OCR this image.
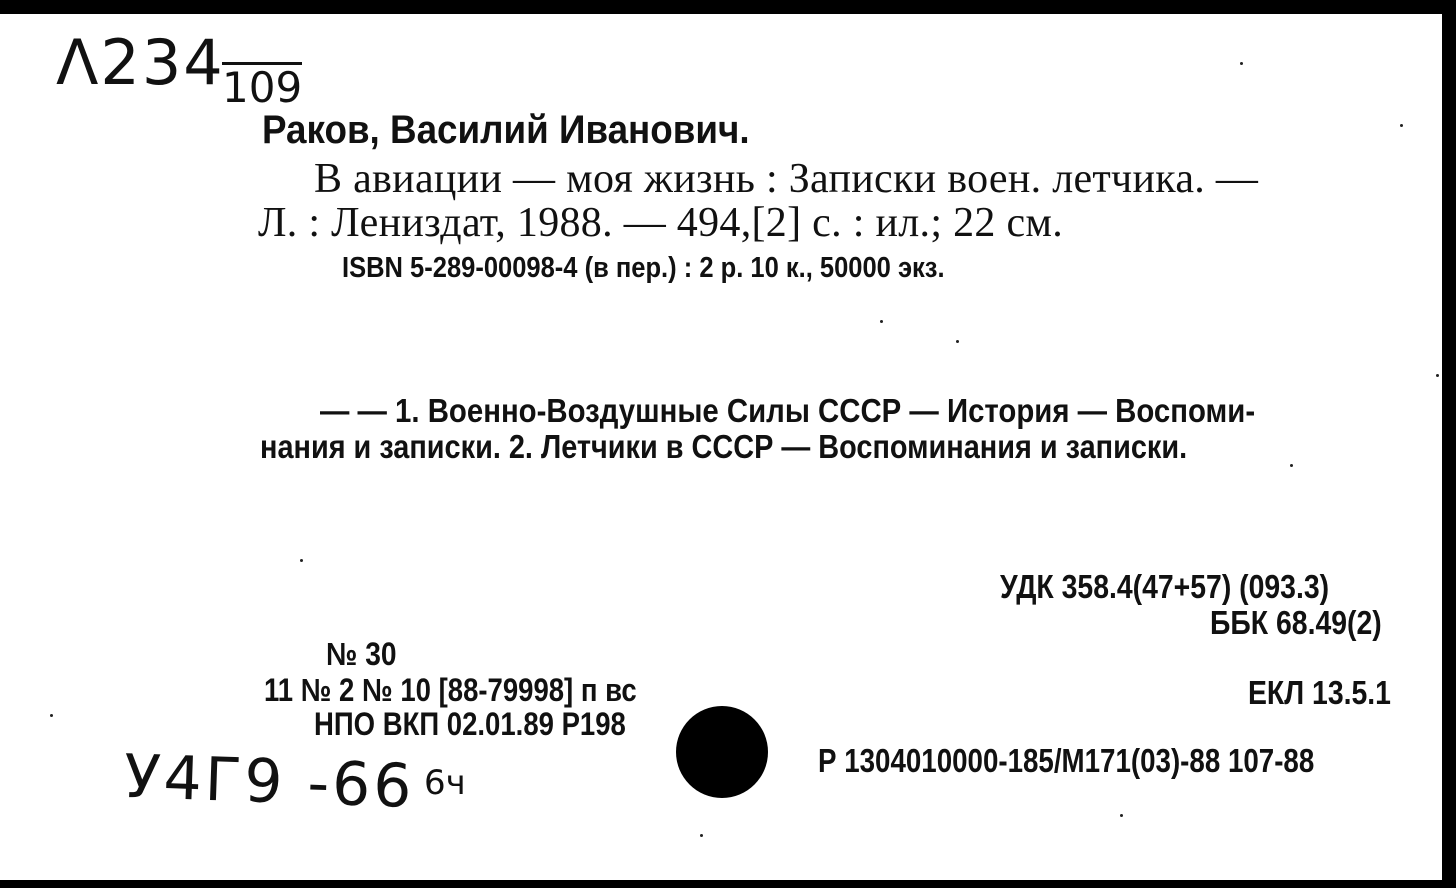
Λ234
109
Раков, Василий Иванович.
В авиации — моя жизнь : Записки воен. летчика. —
Л. : Лениздат, 1988. — 494,[2] с. : ил.; 22 см.
ISBN 5-289-00098-4 (в пер.) : 2 р. 10 к., 50000 экз.
— — 1. Военно-Воздушные Силы СССР — История — Воспоми-
нания и записки. 2. Летчики в СССР — Воспоминания и записки.
УДК 358.4(47+57) (093.3)
ББК 68.49(2)
ЕКЛ 13.5.1
Р 1304010000-185/М171(03)-88 107-88
№ 30
11 № 2 № 10 [88-79998] п вс
НПО ВКП 02.01.89 Р198
У4Г9 -66 6ч
